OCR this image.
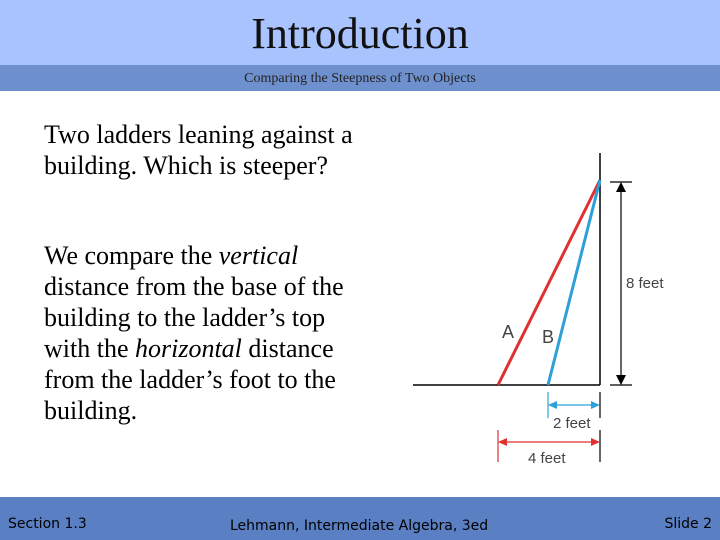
Introduction
Comparing the Steepness of Two Objects

Two ladders leaning against a building. Which is steeper?

We compare the vertical distance from the base of the building to the ladder’s top with the horizontal distance from the ladder’s foot to the building.

A B
8 feet
2 feet
4 feet
Section 1.3	Lehmann, Intermediate Algebra, 3ed	Slide 2
